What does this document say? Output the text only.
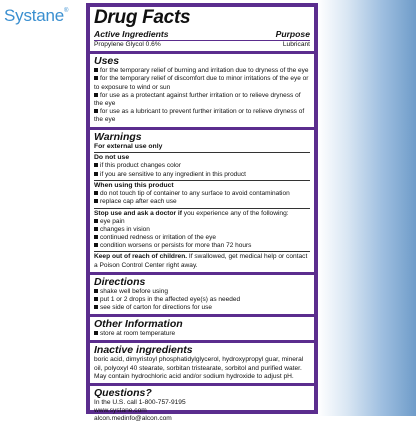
Systane® Drug Facts
Active Ingredients	Purpose
Propylene Glycol 0.6%	Lubricant
Uses
for the temporary relief of burning and irritation due to dryness of the eye
for the temporary relief of discomfort due to minor irritations of the eye or to exposure to wind or sun
for use as a protectant against further irritation or to relieve dryness of the eye
for use as a lubricant to prevent further irritation or to relieve dryness of the eye
Warnings
For external use only
Do not use
if this product changes color
if you are sensitive to any ingredient in this product
When using this product
do not touch tip of container to any surface to avoid contamination
replace cap after each use
Stop use and ask a doctor if you experience any of the following:
eye pain
changes in vision
continued redness or irritation of the eye
condition worsens or persists for more than 72 hours
Keep out of reach of children. If swallowed, get medical help or contact a Poison Control Center right away.
Directions
shake well before using
put 1 or 2 drops in the affected eye(s) as needed
see side of carton for directions for use
Other Information
store at room temperature
Inactive ingredients
boric acid, dimyristoyl phosphatidylglycerol, hydroxypropyl guar, mineral oil, polyoxyl 40 stearate, sorbitan tristearate, sorbitol and purified water. May contain hydrochloric acid and/or sodium hydroxide to adjust pH.
Questions?
In the U.S. call 1-800-757-9195
www.systane.com
alcon.medinfo@alcon.com
